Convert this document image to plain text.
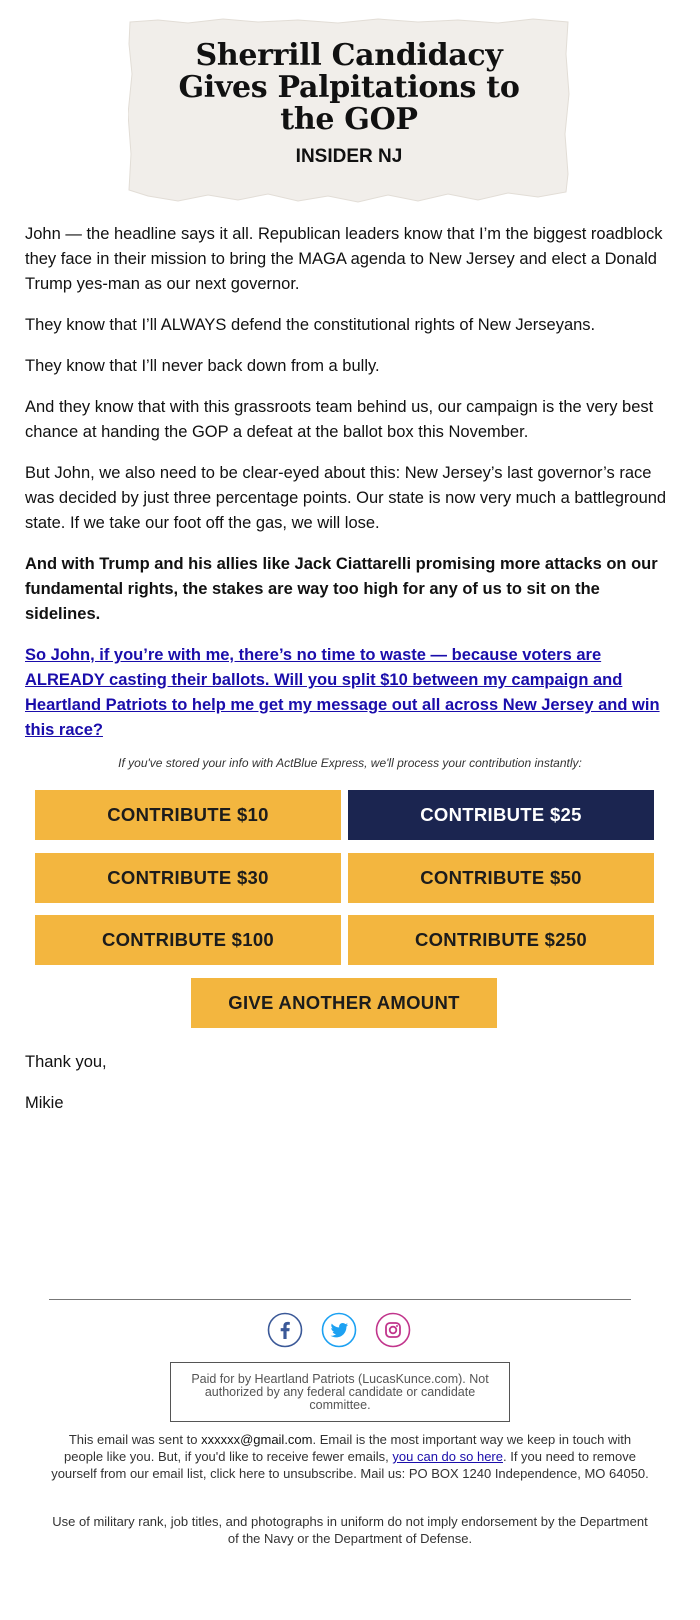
Sherrill Candidacy
Gives Palpitations to
the GOP
INSIDER NJ

John — the headline says it all. Republican leaders know that I’m the biggest roadblock they face in their mission to bring the MAGA agenda to New Jersey and elect a Donald Trump yes-man as our next governor.

They know that I’ll ALWAYS defend the constitutional rights of New Jerseyans.

They know that I’ll never back down from a bully.

And they know that with this grassroots team behind us, our campaign is the very best chance at handing the GOP a defeat at the ballot box this November.

But John, we also need to be clear-eyed about this: New Jersey’s last governor’s race was decided by just three percentage points. Our state is now very much a battleground state. If we take our foot off the gas, we will lose.

And with Trump and his allies like Jack Ciattarelli promising more attacks on our fundamental rights, the stakes are way too high for any of us to sit on the sidelines.

So John, if you’re with me, there’s no time to waste — because voters are ALREADY casting their ballots. Will you split $10 between my campaign and Heartland Patriots to help me get my message out all across New Jersey and win this race?

If you've stored your info with ActBlue Express, we'll process your contribution instantly:
CONTRIBUTE $10	CONTRIBUTE $25
CONTRIBUTE $30	CONTRIBUTE $50
CONTRIBUTE $100	CONTRIBUTE $250
GIVE ANOTHER AMOUNT
Thank you,
Mikie
Paid for by Heartland Patriots (LucasKunce.com). Not authorized by any federal candidate or candidate committee.
This email was sent to xxxxxx@gmail.com. Email is the most important way we keep in touch with people like you. But, if you'd like to receive fewer emails, you can do so here. If you need to remove yourself from our email list, click here to unsubscribe. Mail us: PO BOX 1240 Independence, MO 64050.
Use of military rank, job titles, and photographs in uniform do not imply endorsement by the Department of the Navy or the Department of Defense.
